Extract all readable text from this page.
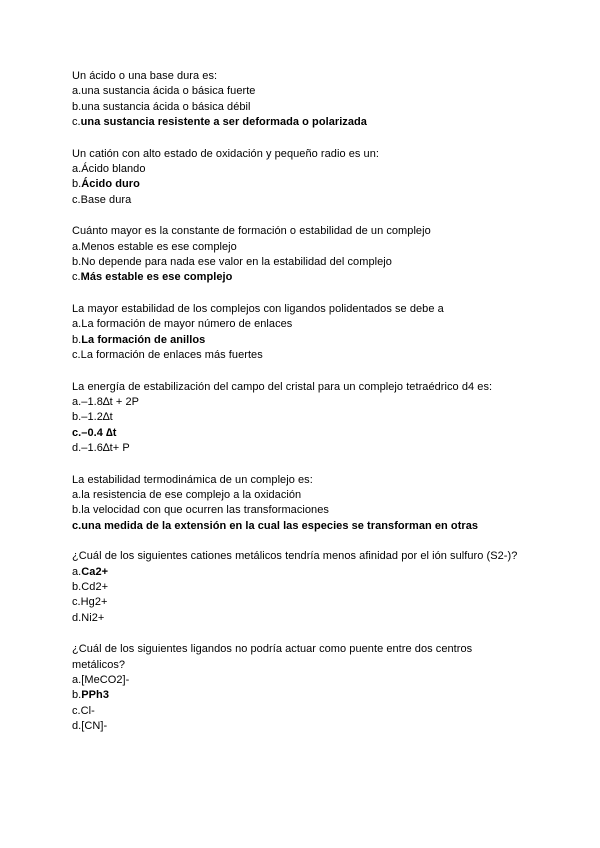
Un ácido o una base dura es:
a.una sustancia ácida o básica fuerte
b.una sustancia ácida o básica débil
c.una sustancia resistente a ser deformada o polarizada
Un catión con alto estado de oxidación y pequeño radio es un:
a.Ácido blando
b.Ácido duro
c.Base dura
Cuánto mayor es la constante de formación o estabilidad de un complejo
a.Menos estable es ese complejo
b.No depende para nada ese valor en la estabilidad del complejo
c.Más estable es ese complejo
La mayor estabilidad de los complejos con ligandos polidentados se debe a
a.La formación de mayor número de enlaces
b.La formación de anillos
c.La formación de enlaces más fuertes
La energía de estabilización del campo del cristal para un complejo tetraédrico d4 es:
a.–1.8∆t + 2P
b.–1.2∆t
c.–0.4 ∆t
d.–1.6∆t+ P
La estabilidad termodinámica de un complejo es:
a.la resistencia de ese complejo a la oxidación
b.la velocidad con que ocurren las transformaciones
c.una medida de la extensión en la cual las especies se transforman en otras
¿Cuál de los siguientes cationes metálicos tendría menos afinidad por el ión sulfuro (S2-)?
a.Ca2+
b.Cd2+
c.Hg2+
d.Ni2+
¿Cuál de los siguientes ligandos no podría actuar como puente entre dos centros metálicos?
a.[MeCO2]-
b.PPh3
c.Cl-
d.[CN]-
